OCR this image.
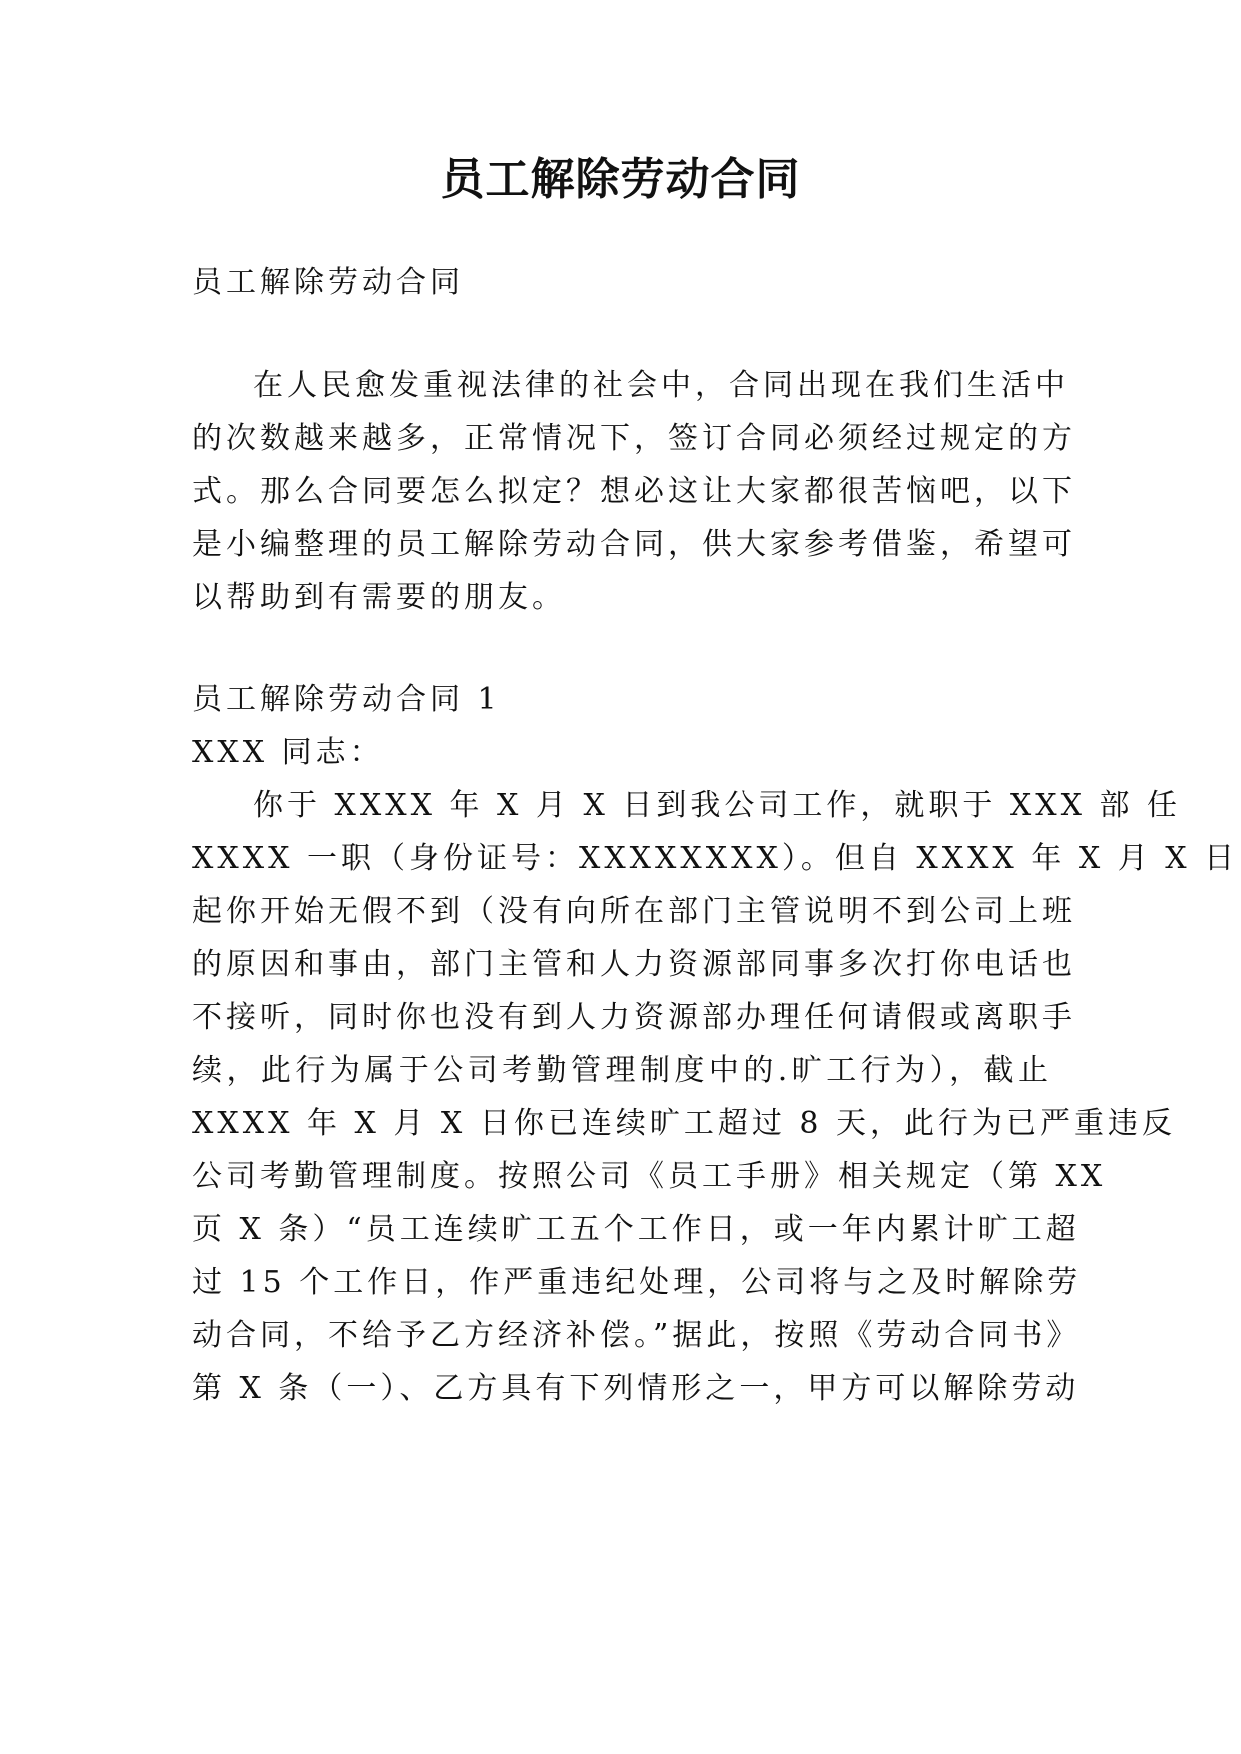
员工解除劳动合同

员工解除劳动合同

在人民愈发重视法律的社会中，合同出现在我们生活中

的次数越来越多，正常情况下，签订合同必须经过规定的方

式。那么合同要怎么拟定？想必这让大家都很苦恼吧，以下

是小编整理的员工解除劳动合同，供大家参考借鉴，希望可

以帮助到有需要的朋友。

员工解除劳动合同 1

XXX 同志：

你于 XXXX 年 X 月 X 日到我公司工作，就职于 XXX 部 任

XXXX 一职（身份证号：XXXXXXXX）。但自 XXXX 年 X 月 X 日

起你开始无假不到（没有向所在部门主管说明不到公司上班

的原因和事由，部门主管和人力资源部同事多次打你电话也

不接听，同时你也没有到人力资源部办理任何请假或离职手

续，此行为属于公司考勤管理制度中的.旷工行为），截止

XXXX 年 X 月 X 日你已连续旷工超过 8 天，此行为已严重违反

公司考勤管理制度。按照公司《员工手册》相关规定（第 XX

页 X 条）“员工连续旷工五个工作日，或一年内累计旷工超

过 15 个工作日，作严重违纪处理，公司将与之及时解除劳

动合同，不给予乙方经济补偿。”据此，按照《劳动合同书》

第 X 条（一）、乙方具有下列情形之一，甲方可以解除劳动
